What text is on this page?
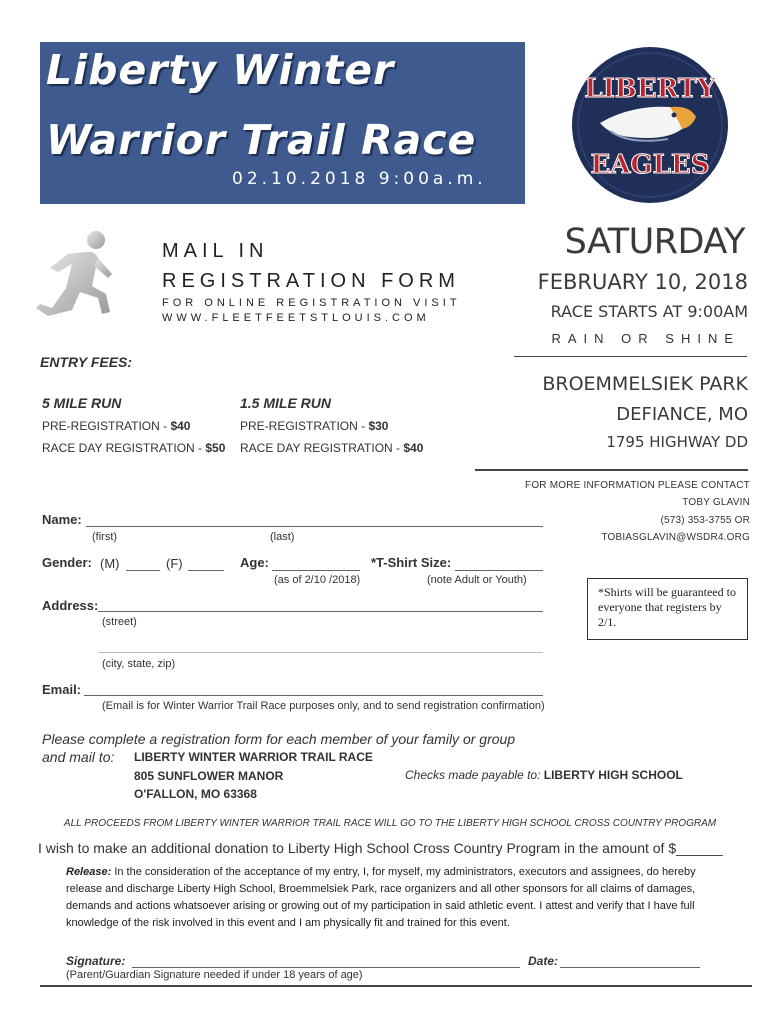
Liberty Winter
Warrior Trail Race
02.10.2018 9:00a.m.
LIBERTY
EAGLES
MAIL IN
REGISTRATION FORM
FOR ONLINE REGISTRATION VISIT
WWW.FLEETFEETSTLOUIS.COM
SATURDAY
FEBRUARY 10, 2018
RACE STARTS AT 9:00AM
RAIN OR SHINE
BROEMMELSIEK PARK
DEFIANCE, MO
1795 HIGHWAY DD
FOR MORE INFORMATION PLEASE CONTACT
TOBY GLAVIN
(573) 353-3755 OR
TOBIASGLAVIN@WSDR4.ORG
ENTRY FEES:
5 MILE RUN
PRE-REGISTRATION - $40
RACE DAY REGISTRATION - $50
1.5 MILE RUN
PRE-REGISTRATION - $30
RACE DAY REGISTRATION - $40
Name:
(first)	(last)
Gender: (M)	(F)	Age:
(as of 2/10 /2018)
*T-Shirt Size:
(note Adult or Youth)
*Shirts will be guaranteed to everyone that registers by 2/1.
Address:
(street)
(city, state, zip)
Email:
(Email is for Winter Warrior Trail Race purposes only, and to send registration confirmation)
Please complete a registration form for each member of your family or group
and mail to:	LIBERTY WINTER WARRIOR TRAIL RACE
805 SUNFLOWER MANOR
O'FALLON, MO 63368
Checks made payable to: LIBERTY HIGH SCHOOL
ALL PROCEEDS FROM LIBERTY WINTER WARRIOR TRAIL RACE WILL GO TO THE LIBERTY HIGH SCHOOL CROSS COUNTRY PROGRAM
I wish to make an additional donation to Liberty High School Cross Country Program in the amount of $______
Release: In the consideration of the acceptance of my entry, I, for myself, my administrators, executors and assignees, do hereby release and discharge Liberty High School, Broemmelsiek Park, race organizers and all other sponsors for all claims of damages, demands and actions whatsoever arising or growing out of my participation in said athletic event. I attest and verify that I have full knowledge of the risk involved in this event and I am physically fit and trained for this event.
Signature:	Date:
(Parent/Guardian Signature needed if under 18 years of age)
